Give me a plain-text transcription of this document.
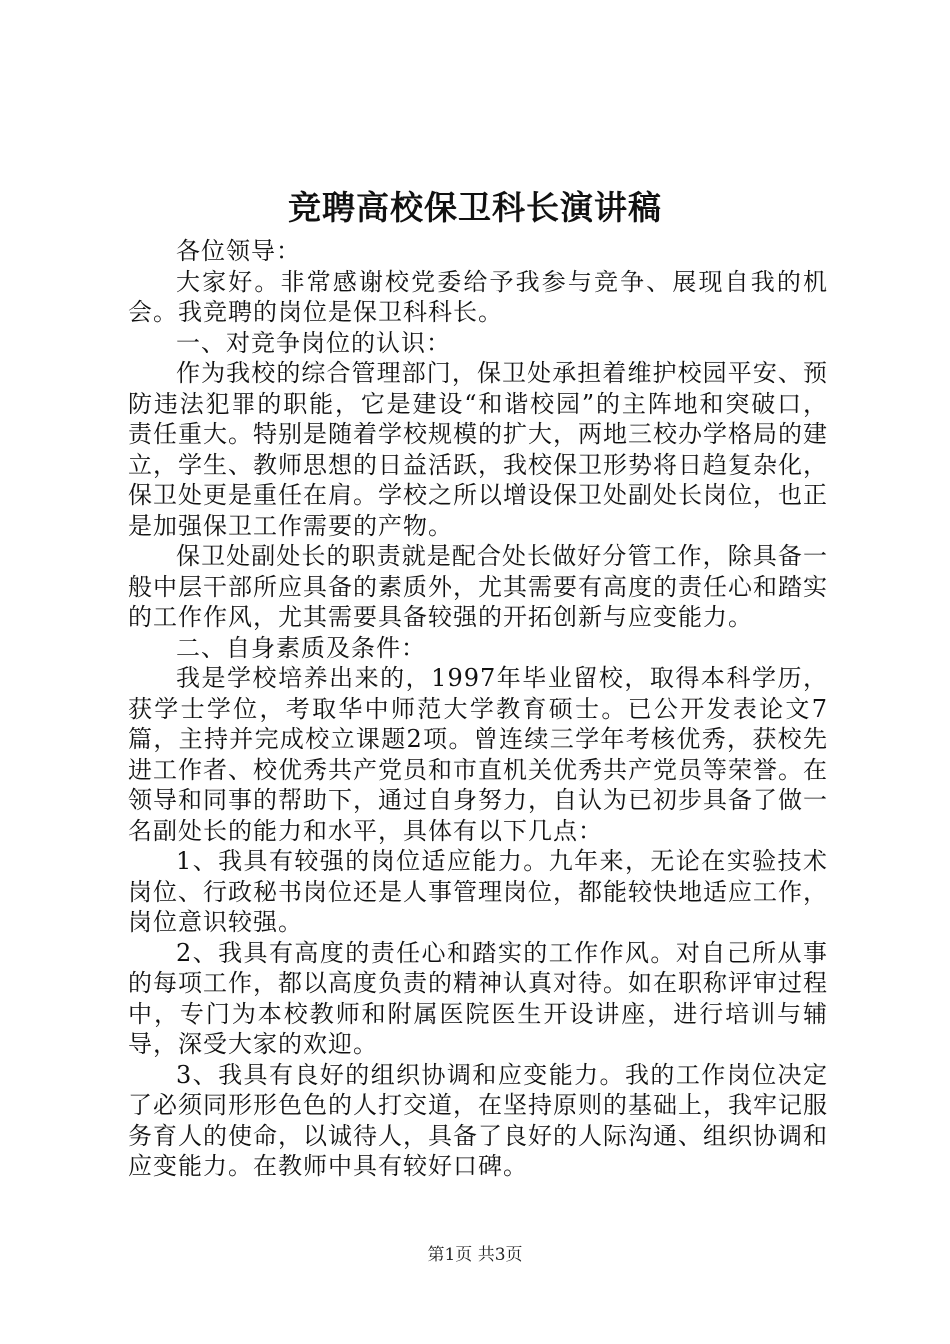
竞聘高校保卫科长演讲稿

各位领导：

大家好。非常感谢校党委给予我参与竞争、展现自我的机会。我竞聘的岗位是保卫科科长。

一、对竞争岗位的认识：

作为我校的综合管理部门，保卫处承担着维护校园平安、预防违法犯罪的职能，它是建设“和谐校园”的主阵地和突破口，责任重大。特别是随着学校规模的扩大，两地三校办学格局的建立，学生、教师思想的日益活跃，我校保卫形势将日趋复杂化，保卫处更是重任在肩。学校之所以增设保卫处副处长岗位，也正是加强保卫工作需要的产物。

保卫处副处长的职责就是配合处长做好分管工作，除具备一般中层干部所应具备的素质外，尤其需要有高度的责任心和踏实的工作作风，尤其需要具备较强的开拓创新与应变能力。

二、自身素质及条件：

我是学校培养出来的，1997年毕业留校，取得本科学历，获学士学位，考取华中师范大学教育硕士。已公开发表论文7篇，主持并完成校立课题2项。曾连续三学年考核优秀，获校先进工作者、校优秀共产党员和市直机关优秀共产党员等荣誉。在领导和同事的帮助下，通过自身努力，自认为已初步具备了做一名副处长的能力和水平，具体有以下几点：

1、我具有较强的岗位适应能力。九年来，无论在实验技术岗位、行政秘书岗位还是人事管理岗位，都能较快地适应工作，岗位意识较强。

2、我具有高度的责任心和踏实的工作作风。对自己所从事的每项工作，都以高度负责的精神认真对待。如在职称评审过程中，专门为本校教师和附属医院医生开设讲座，进行培训与辅导，深受大家的欢迎。

3、我具有良好的组织协调和应变能力。我的工作岗位决定了必须同形形色色的人打交道，在坚持原则的基础上，我牢记服务育人的使命，以诚待人，具备了良好的人际沟通、组织协调和应变能力。在教师中具有较好口碑。

第1页 共3页
